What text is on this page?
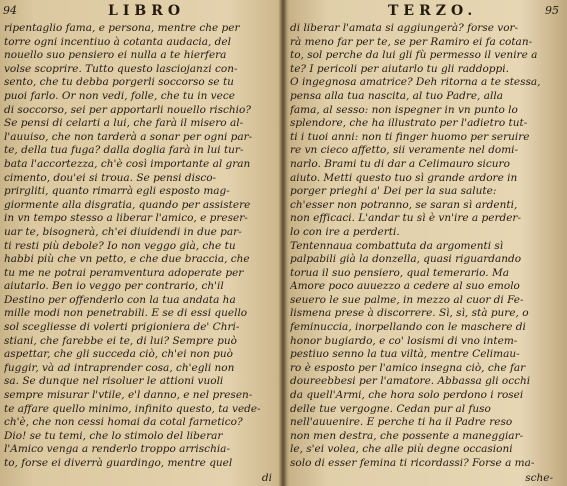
94	LIBRO
ripentaglio fama, e persona, mentre che per
torre ogni incentiuo à cotanta audacia, del
nouello suo pensiero ei nulla a te hierfera
volse scoprire. Tutto questo lasciojanzi con-
sento, che tu debba porgerli soccorso se tu
puoi farlo. Or non vedi, folle, che tu in vece
di soccorso, sei per apportarli nouello rischio?
Se pensi di celarti a lui, che farà il misero al-
l'auuiso, che non tarderà a sonar per ogni par-
te, della tua fuga? dalla doglia farà in lui tur-
bata l'accortezza, ch'è così importante al gran
cimento, dou'ei si troua. Se pensi disco-
prirgliti, quanto rimarrà egli esposto mag-
giormente alla disgratia, quando per assistere
in vn tempo stesso a liberar l'amico, e preser-
uar te, bisognerà, ch'ei diuidendi in due par-
ti resti più debole? Io non veggo già, che tu
habbi più che vn petto, e che due braccia, che
tu me ne potrai peramventura adoperate per
aiutarlo. Ben io veggo per contrario, ch'il
Destino per offenderlo con la tua andata ha
mille modi non penetrabili. E se di essi quello
sol scegliesse di volerti prigioniera de' Chri-
stiani, che farebbe ei te, di lui? Sempre può
aspettar, che gli succeda ciò, ch'ei non può
fuggir, và ad intraprender cosa, ch'egli non
sa. Se dunque nel risoluer le attioni vuoli
sempre misurar l'vtile, e'l danno, e nel presen-
te affare quello minimo, infinito questo, ta vede-
ch'è, che non cessi homai da cotal farnetico?
Dio! se tu temi, che lo stimolo del liberar
l'Amico venga a renderlo troppo arrischia-
to, forse ei diverrà guardingo, mentre quel
di
TERZO.	95
di liberar l'amata si aggiungerà? forse vor-
rà meno far per te, se per Ramiro ei fa cotan-
to, sol perche da lui gli fù permesso il venire a
te? I pericoli per aiutarlo tu gli raddoppi.
O ingegnosa amatrice? Deh ritorna a te stessa,
pensa alla tua nascita, al tuo Padre, alla
fama, al sesso: non ispegner in vn punto lo
splendore, che ha illustrato per l'adietro tut-
ti i tuoi anni: non ti finger huomo per seruire
re vn cieco affetto, sii veramente nel domi-
narlo. Brami tu di dar a Celimauro sicuro
aiuto. Metti questo tuo sì grande ardore in
porger prieghi a' Dei per la sua salute:
ch'esser non potranno, se saran sì ardenti,
non efficaci. L'andar tu sì è vn'ire a perder-
lo con ire a perderti.
Tentennaua combattuta da argomenti sì
palpabili già la donzella, quasi riguardando
torua il suo pensiero, qual temerario. Ma
Amore poco auuezzo a cedere al suo emolo
seuero le sue palme, in mezzo al cuor di Fe-
lismena prese à discorrere. Sì, sì, stà pure, o
feminuccia, inorpellando con le maschere di
honor bugiardo, e co' losismi di vno intem-
pestiuo senno la tua viltà, mentre Celimau-
ro è esposto per l'amico insegna ciò, che far
doureebbesi per l'amatore. Abbassa gli occhi
da quell'Armi, che hora solo perdono i rosei
delle tue vergogne. Cedan pur al fuso
nell'auuenire. E perche ti ha il Padre reso
non men destra, che possente a maneggiar-
le, s'ei volea, che alle più degne occasioni
solo di esser femina ti ricordassi? Forse a ma-
sche-
